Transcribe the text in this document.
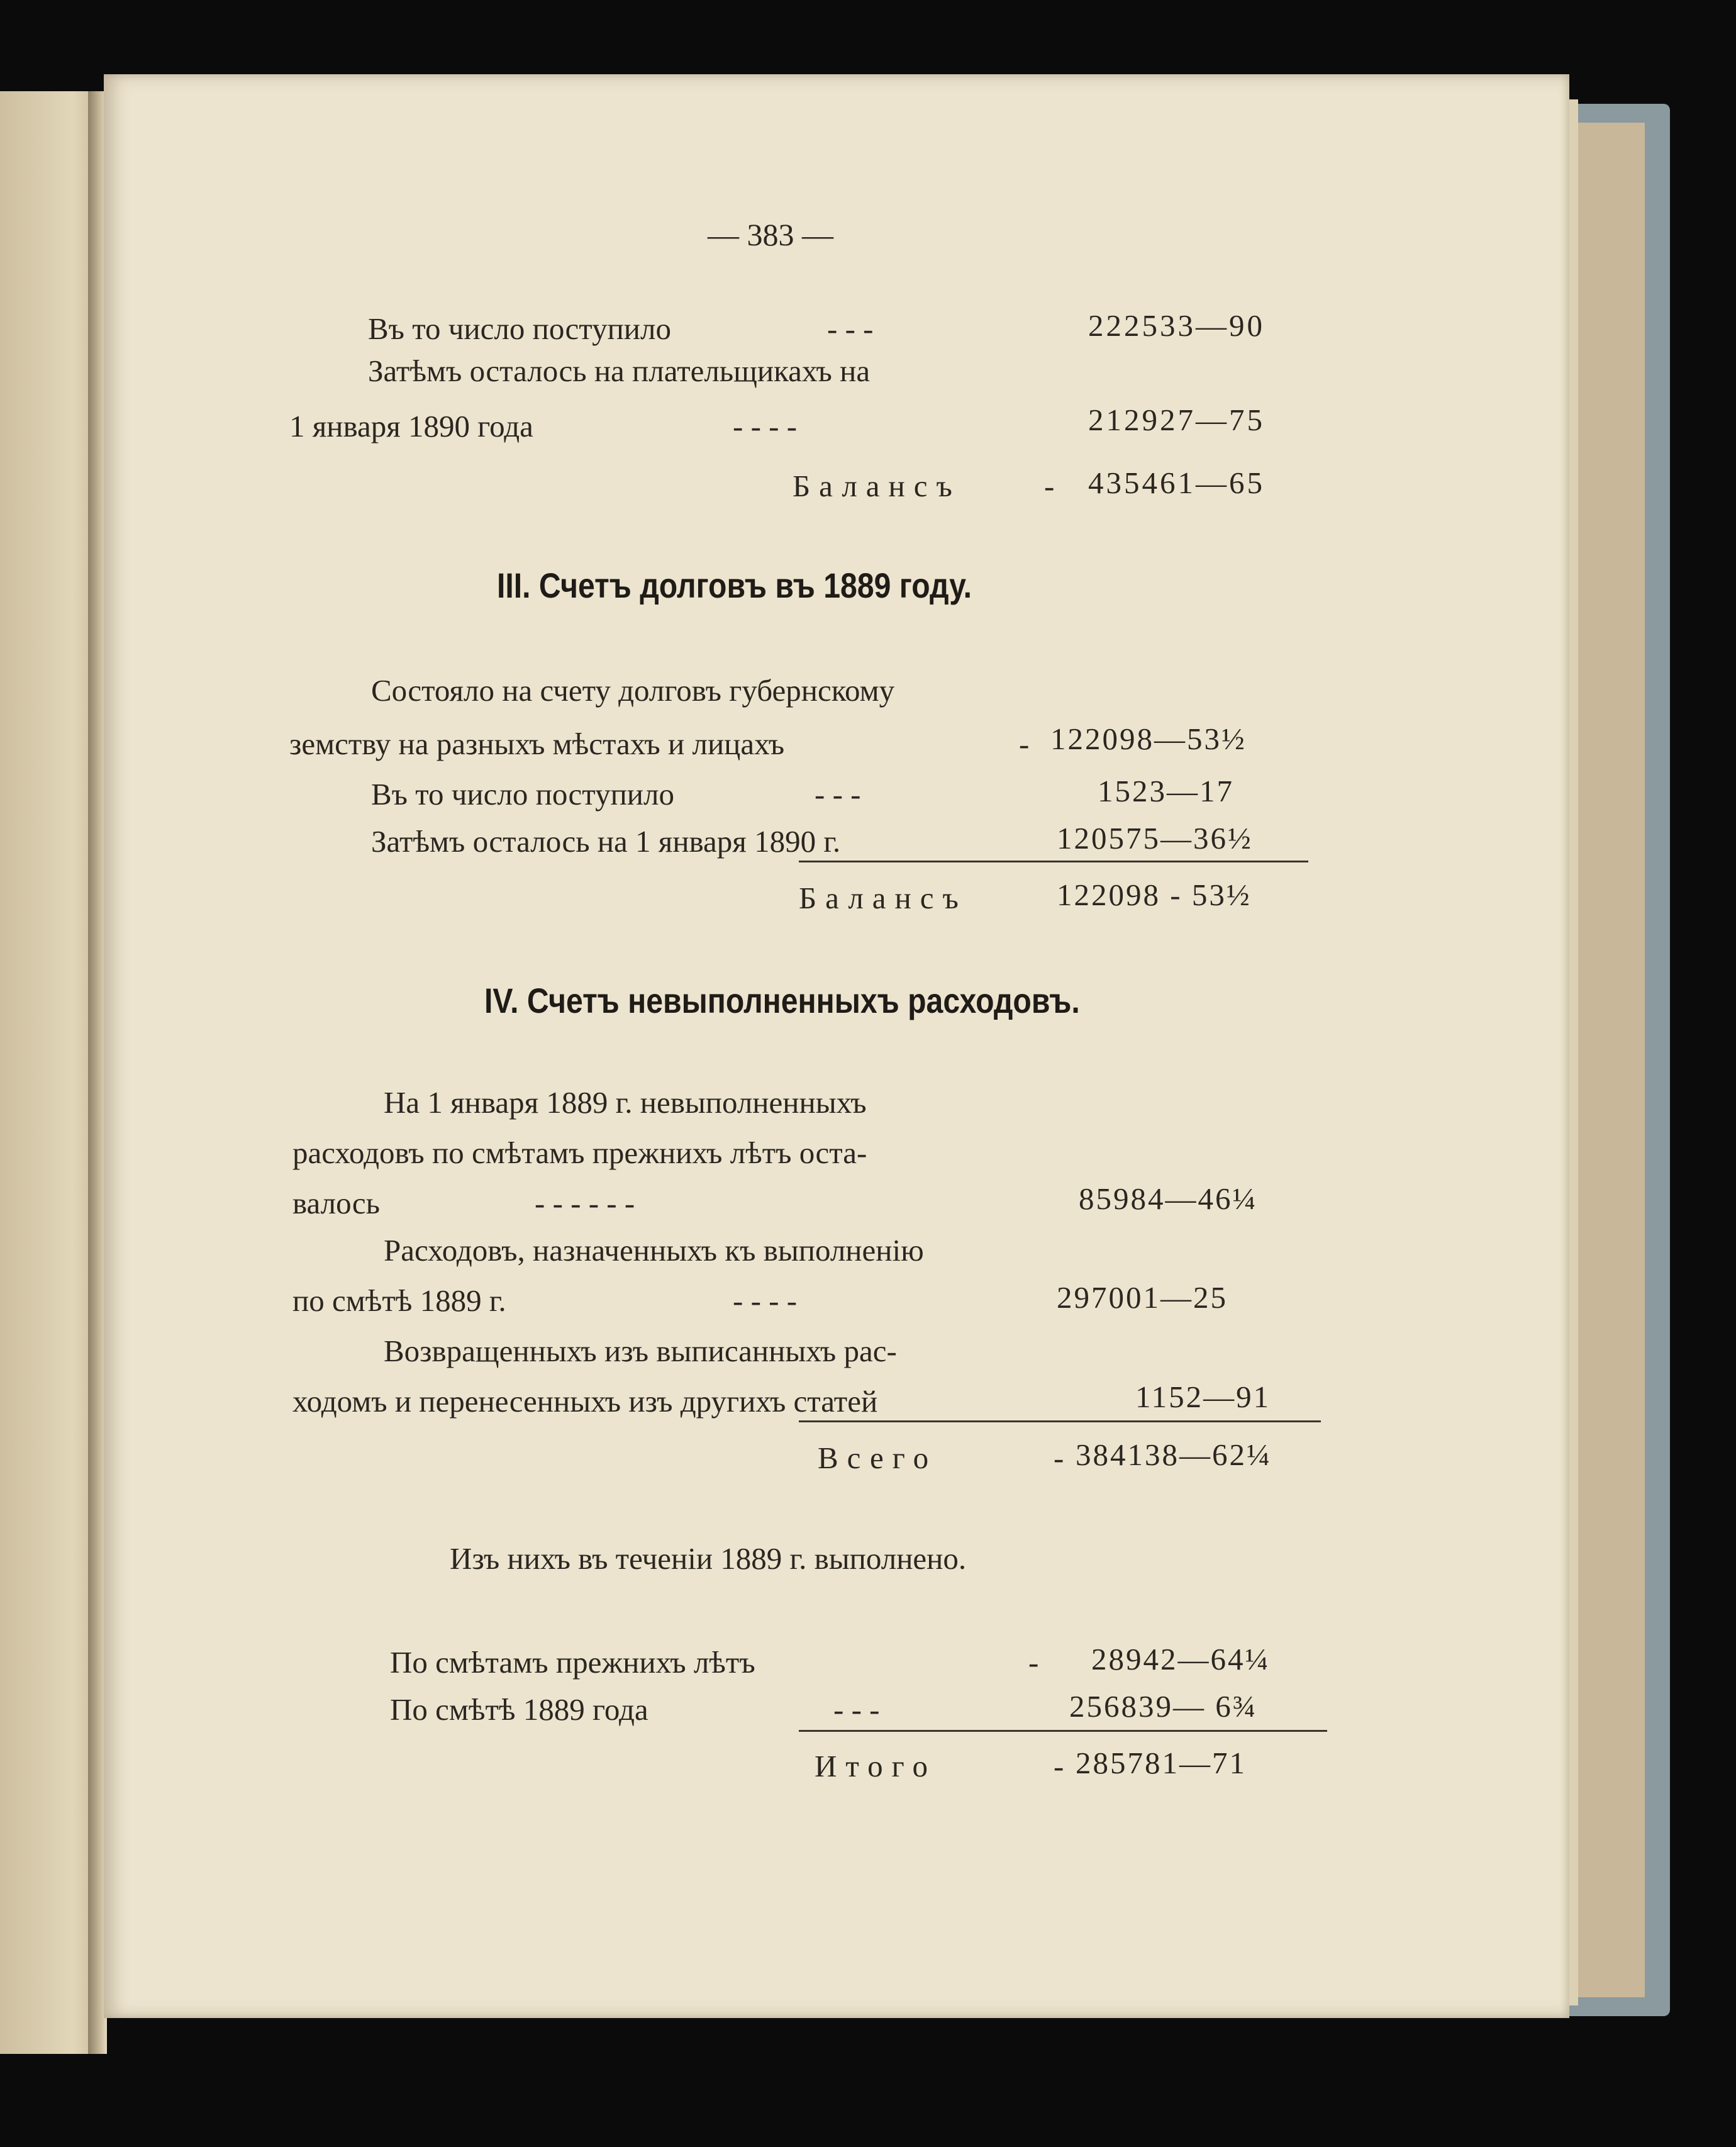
— 383 —
Въ то число поступило	- - -	222533—90
Затѣмъ осталось на плательщикахъ на
1 января 1890 года	- - - -	212927—75
Балансъ	- 435461—65
III. Счетъ долговъ въ 1889 году.
Состояло на счету долговъ губернскому
земству на разныхъ мѣстахъ и лицахъ	- 122098—53½
Въ то число поступило	- - -	1523—17
Затѣмъ осталось на 1 января 1890 г.	120575—36½
Балансъ	122098 - 53½
IV. Счетъ невыполненныхъ расходовъ.
На 1 января 1889 г. невыполненныхъ
расходовъ по смѣтамъ прежнихъ лѣтъ оста-
валось	- - - - - -	85984—46¼
Расходовъ, назначенныхъ къ выполненію
по смѣтѣ 1889 г.	- - - -	297001—25
Возвращенныхъ изъ выписанныхъ рас-
ходомъ и перенесенныхъ изъ другихъ статей	1152—91
Всего	- 384138—62¼
Изъ нихъ въ теченіи 1889 г. выполнено.
По смѣтамъ прежнихъ лѣтъ	- 28942—64¼
По смѣтѣ 1889 года	- - -	256839— 6¾
Итого	- 285781—71
